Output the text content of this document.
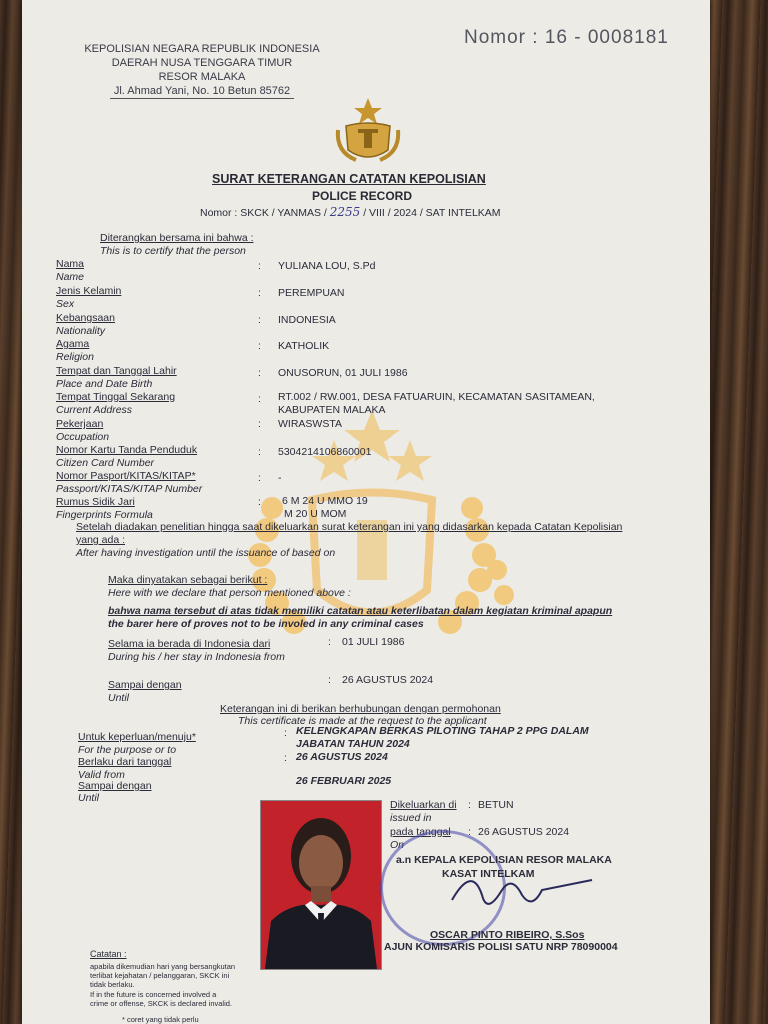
KEPOLISIAN NEGARA REPUBLIK INDONESIA
DAERAH NUSA TENGGARA TIMUR
RESOR MALAKA
Jl. Ahmad Yani, No. 10 Betun 85762
Nomor : 16 - 0008181
SURAT KETERANGAN CATATAN KEPOLISIAN
POLICE RECORD
Nomor : SKCK / YANMAS / 2255 / VIII / 2024 / SAT INTELKAM
Diterangkan bersama ini bahwa :
This is to certify that the person
Nama
Name
: YULIANA LOU, S.Pd
Jenis Kelamin
Sex
: PEREMPUAN
Kebangsaan
Nationality
: INDONESIA
Agama
Religion
: KATHOLIK
Tempat dan Tanggal Lahir
Place and Date Birth
: ONUSORUN, 01 JULI 1986
Tempat Tinggal Sekarang
Current Address
: RT.002 / RW.001, DESA FATUARUIN, KECAMATAN SASITAMEAN,
KABUPATEN MALAKA
Pekerjaan
Occupation
: WIRASWSTA
Nomor Kartu Tanda Penduduk
Citizen Card Number
: 5304214106860001
Nomor Pasport/KITAS/KITAP*
Passport/KITAS/KITAP Number
: -
Rumus Sidik Jari
Fingerprints Formula
: 6 M 24 U MMO 19
M 20 U MOM
Setelah diadakan penelitian hingga saat dikeluarkan surat keterangan ini yang didasarkan kepada Catatan Kepolisian
yang ada :
After having investigation until the issuance of based on
Maka dinyatakan sebagai berikut :
Here with we declare that person mentioned above :
bahwa nama tersebut di atas tidak memiliki catatan atau keterlibatan dalam kegiatan kriminal apapun
the barer here of proves not to be involed in any criminal cases
Selama ia berada di Indonesia dari
During his / her stay in Indonesia from
: 01 JULI 1986
Sampai dengan
Until
: 26 AGUSTUS 2024
Keterangan ini di berikan berhubungan dengan permohonan
This certificate is made at the request to the applicant
Untuk keperluan/menuju*
For the purpose or to
: KELENGKAPAN BERKAS PILOTING TAHAP 2 PPG DALAM
JABATAN TAHUN 2024
Berlaku dari tanggal
Valid from
: 26 AGUSTUS 2024
Sampai dengan
Until
26 FEBRUARI 2025
Dikeluarkan di
issued in
: BETUN
pada tanggal
On
: 26 AGUSTUS 2024
a.n KEPALA KEPOLISIAN RESOR MALAKA
KASAT INTELKAM
OSCAR PINTO RIBEIRO, S.Sos
AJUN KOMISARIS POLISI SATU NRP 78090004
Catatan :
apabila dikemudian hari yang bersangkutan
terlibat kejahatan / pelanggaran, SKCK ini
tidak berlaku.
If in the future is concerned involved a
crime or offense, SKCK is declared invalid.
* coret yang tidak perlu
